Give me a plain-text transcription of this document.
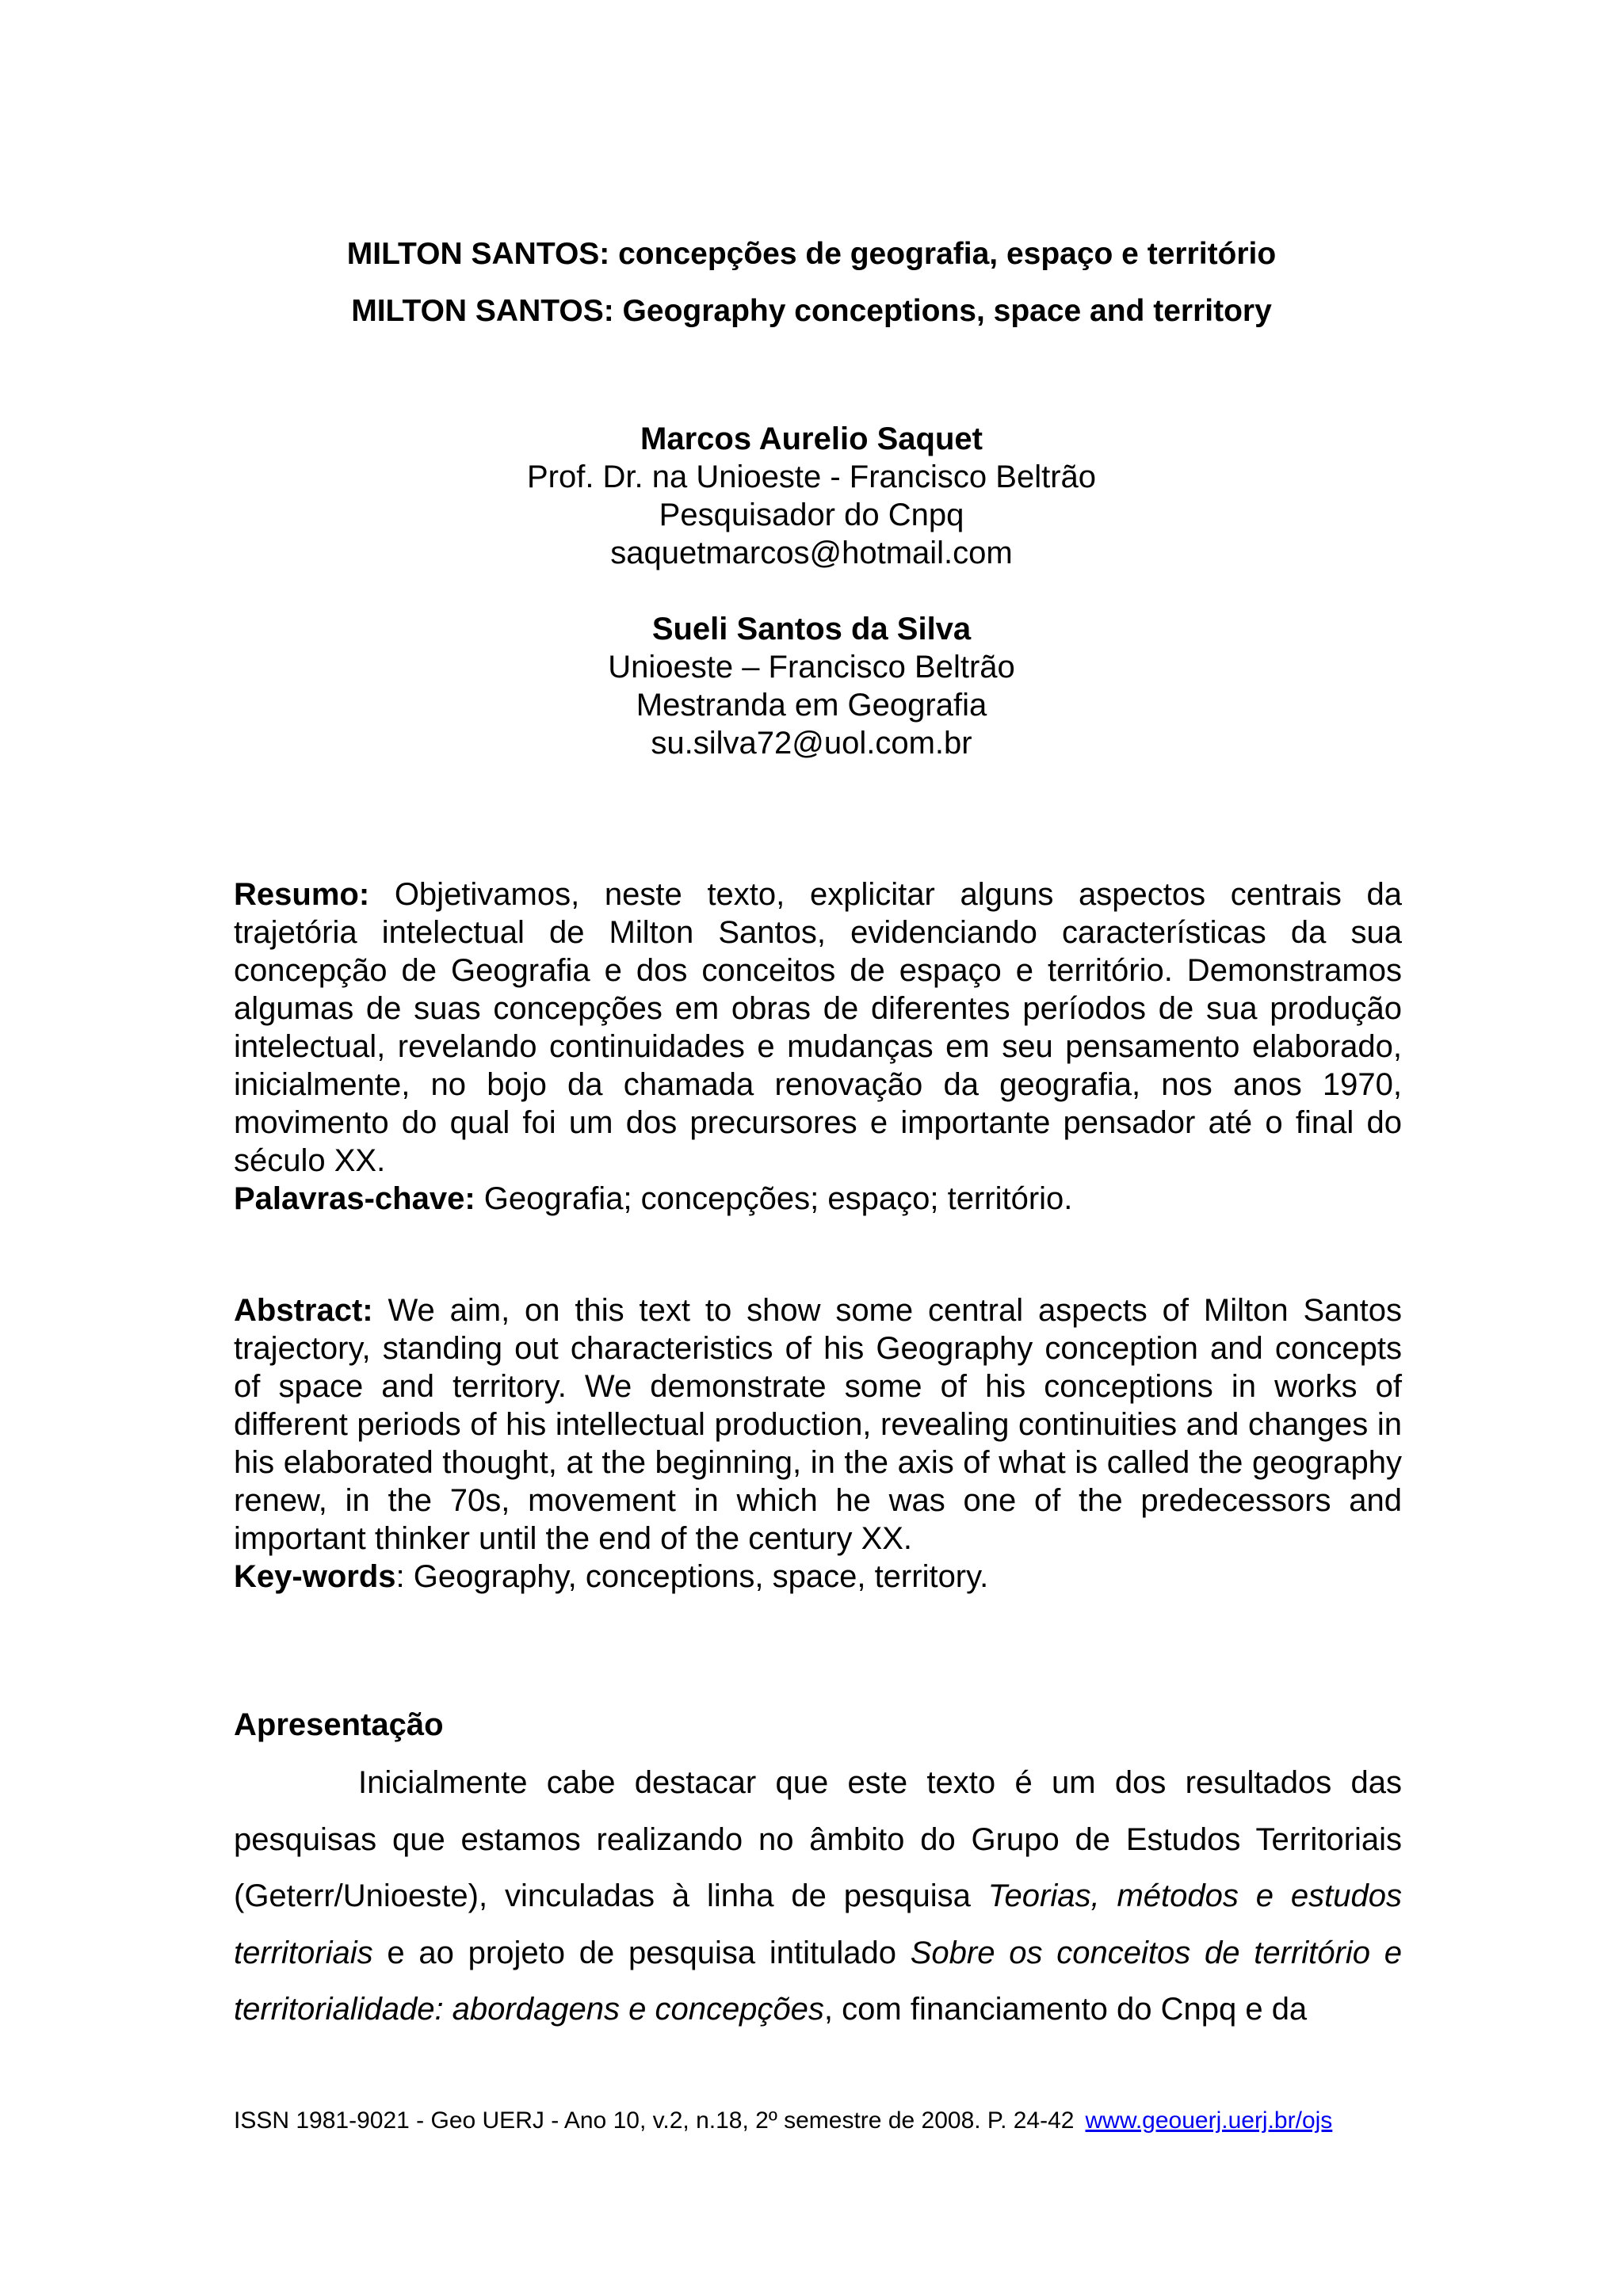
MILTON SANTOS: concepções de geografia, espaço e território

MILTON SANTOS: Geography conceptions, space and territory

Marcos Aurelio Saquet
Prof. Dr. na Unioeste - Francisco Beltrão
Pesquisador do Cnpq
saquetmarcos@hotmail.com
Sueli Santos da Silva
Unioeste – Francisco Beltrão
Mestranda em Geografia
su.silva72@uol.com.br
Resumo: Objetivamos, neste texto, explicitar alguns aspectos centrais da trajetória intelectual de Milton Santos, evidenciando características da sua concepção de Geografia e dos conceitos de espaço e território. Demonstramos algumas de suas concepções em obras de diferentes períodos de sua produção intelectual, revelando continuidades e mudanças em seu pensamento elaborado, inicialmente, no bojo da chamada renovação da geografia, nos anos 1970, movimento do qual foi um dos precursores e importante pensador até o final do século XX.
Palavras-chave: Geografia; concepções; espaço; território.
Abstract: We aim, on this text to show some central aspects of Milton Santos trajectory, standing out characteristics of his Geography conception and concepts of space and territory. We demonstrate some of his conceptions in works of different periods of his intellectual production, revealing continuities and changes in his elaborated thought, at the beginning, in the axis of what is called the geography renew, in the 70s, movement in which he was one of the predecessors and important thinker until the end of the century XX.
Key-words: Geography, conceptions, space, territory.
Apresentação

Inicialmente cabe destacar que este texto é um dos resultados das pesquisas que estamos realizando no âmbito do Grupo de Estudos Territoriais (Geterr/Unioeste), vinculadas à linha de pesquisa Teorias, métodos e estudos territoriais e ao projeto de pesquisa intitulado Sobre os conceitos de território e territorialidade: abordagens e concepções, com financiamento do Cnpq e da

ISSN 1981-9021 - Geo UERJ - Ano 10, v.2, n.18, 2º semestre de 2008. P. 24-42 www.geouerj.uerj.br/ojs
